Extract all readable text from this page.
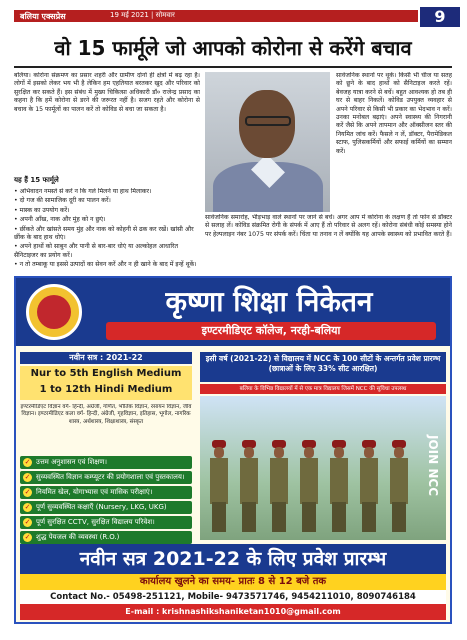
बलिया एक्सप्रेस	19 मई 2021 | सोमवार	9
वो 15 फार्मूले जो आपको कोरोना से करेंगे बचाव

बलिया। कोरोना संक्रमण का प्रसार शहरी और ग्रामीण दोनों ही क्षेत्रों में बढ़ रहा है। लोगों में इसको लेकर भय भी है लेकिन हम एहतियात बरतकर खुद और परिवार को सुरक्षित कर सकते हैं। इस संबंध में मुख्य चिकित्सा अधिकारी डॉ० राजेन्द्र प्रसाद का कहना है कि हमें कोरोना से डरने की जरूरत नहीं है। सजग रहते और कोरोना से बचाव के 15 फार्मूलों का पालन करें तो कोविड से बचा जा सकता है।

सार्वजनिक स्थानों पर थूकें। किसी भी चीज या सतह को छूने के बाद हाथों को सैनिटाइज करते रहें। बेवजह यात्रा करने से बचें। बहुत आवश्यक हो तब ही घर से बाहर निकलें। कोविड उपयुक्त व्यवहार से अपने परिवार से किसी भी प्रकार का भेदभाव न करें। उनका मनोबल बढ़ाएं। अपने स्वास्थ्य की निगरानी करें जैसे कि अपने तापमान और ऑक्सीजन स्तर की नियमित जांच करें। फैसले न लें, डॉक्टर, पैरामेडिकल स्टाफ, पुलिसकर्मियों और सफाई कर्मियों का सम्मान करें।

यह हैं 15 फार्मूले
• अभिवादन नमस्ते से करें न कि गले मिलने या हाथ मिलाकर।
• दो गज की सामाजिक दूरी का पालन करें।
• मास्क का उपयोग करें।
• अपनी आँख, नाक और मुंह को न छुएं।
• छींकते और खांसते समय मुंह और नाक को कोहनी से ढक कर रखें। खांसी और छींक के बाद हाथ धोएं।
• अपने हाथों को साबुन और पानी से बार-बार धोएं या अल्कोहल आधारित सैनिटाइजर का प्रयोग करें।
• न तो तम्बाकू या इससे उत्पादों का सेवन करें और न ही खाने के बाद में इन्हें थूकें।

सार्वजनिक समारोह, भीड़भाड़ वाले स्थानों पर जाने से बचें। अगर आप में कोरोना के लक्षण हैं तो फोन से डॉक्टर से सलाह लें। कोविड संक्रमित रोगी के संपर्क में आए हैं तो परिवार से अलग रहें। कोरोना संबंधी कोई समस्या होने पर हेल्पलाइन नंबर 1075 पर संपर्क करें। चिंता या तनाव न लें क्योंकि यह आपके स्वास्थ्य को प्रभावित करते हैं।

कृष्णा शिक्षा निकेतन
इण्टरमीडिएट कॉलेज, नरही-बलिया
नवीन सत्र : 2021-22
Nur to 5th English Medium
1 to 12th Hindi Medium
इण्टरमीडिएट विज्ञान वर्ग- हिन्दी, अंग्रेजी, गणित, भौतिक विज्ञान, रसायन विज्ञान, जीव विज्ञान। इण्टरमीडिएट कला वर्ग- हिन्दी, अंग्रेजी, गृहविज्ञान, इतिहास, भूगोल, नागरिक शास्त्र, अर्थशास्त्र, शिक्षाशास्त्र, संस्कृत
✓ उत्तम अनुशासन एवं शिक्षण।
✓ सुव्यवस्थित विज्ञान कम्प्यूटर की प्रयोगशाला एवं पुस्तकालय।
✓ नियमित खेल, योगाभ्यास एवं मासिक परीक्षाएं।
✓ पूर्ण सुव्यवस्थित कक्षाएँ (Nursery, LKG, UKG)
✓ पूर्ण सुरक्षित CCTV, सुरक्षित विद्यालय परिवेश।
✓ शुद्ध पेयजल की व्यवस्था (R.O.)
इसी वर्ष (2021-22) से विद्यालय में NCC के 100 सीटों के अन्तर्गत प्रवेश प्रारम्भ (छात्राओं के लिए 33% सीट आरक्षित)
बलिया के विभिन्न विद्यालयों में से एक मात्र विद्यालय जिसमें NCC की सुविधा उपलब्ध
JOIN NCC
नवीन सत्र 2021-22 के लिए प्रवेश प्रारम्भ
कार्यालय खुलने का समय- प्रातः 8 से 12 बजे तक
Contact No.- 05498-251121, Mobile- 9473571746, 9454211010, 8090746184
E-mail : krishnashikshaniketan1010@gmail.com
